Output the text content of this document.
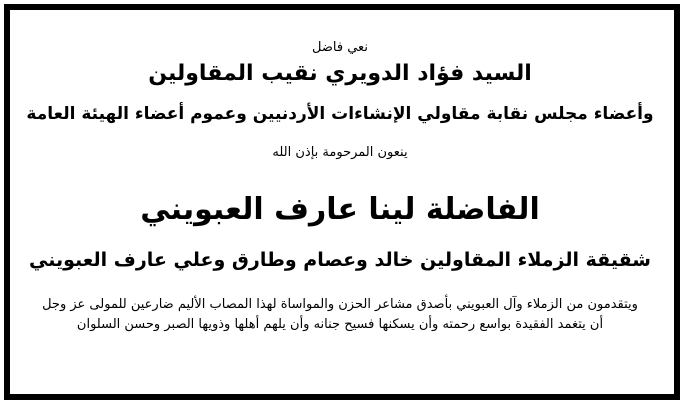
نعي فاضل
السيد فؤاد الدويري نقيب المقاولين
وأعضاء مجلس نقابة مقاولي الإنشاءات الأردنيين وعموم أعضاء الهيئة العامة
ينعون المرحومة بإذن الله
الفاضلة لينا عارف العبويني
شقيقة الزملاء المقاولين خالد وعصام وطارق وعلي عارف العبويني
ويتقدمون من الزملاء وآل العبويني بأصدق مشاعر الحزن والمواساة لهذا المصاب الأليم ضارعين للمولى عز وجل
أن يتغمد الفقيدة بواسع رحمته وأن يسكنها فسيح جنانه وأن يلهم أهلها وذويها الصبر وحسن السلوان
